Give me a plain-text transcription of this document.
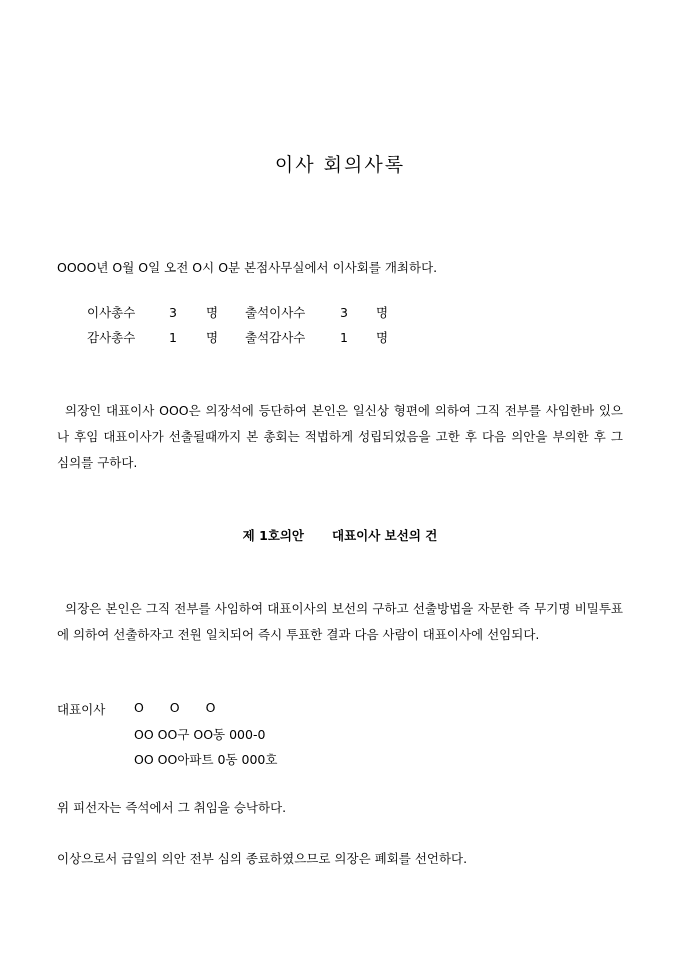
이사 회의사록
OOOO년 O월 O일 오전 O시 O분 본점사무실에서 이사회를 개최하다.
이사총수	3 명 출석이사수	3 명
감사총수	1 명 출석감사수	1 명
의장인 대표이사 OOO은 의장석에 등단하여 본인은 일신상 형편에 의하여 그직 전부를 사임한바 있으나 후임 대표이사가 선출될때까지 본 총회는 적법하게 성립되었음을 고한 후 다음 의안을 부의한 후 그 심의를 구하다.
제 1호의안 대표이사 보선의 건
의장은 본인은 그직 전부를 사임하여 대표이사의 보선의 구하고 선출방법을 자문한 즉 무기명 비밀투표에 의하여 선출하자고 전원 일치되어 즉시 투표한 결과 다음 사람이 대표이사에 선임되다.
대표이사 O O O
OO OO구 OO동 000-0
OO OO아파트 0동 000호
위 피선자는 즉석에서 그 취임을 승낙하다.
이상으로서 금일의 의안 전부 심의 종료하였으므로 의장은 폐회를 선언하다.
